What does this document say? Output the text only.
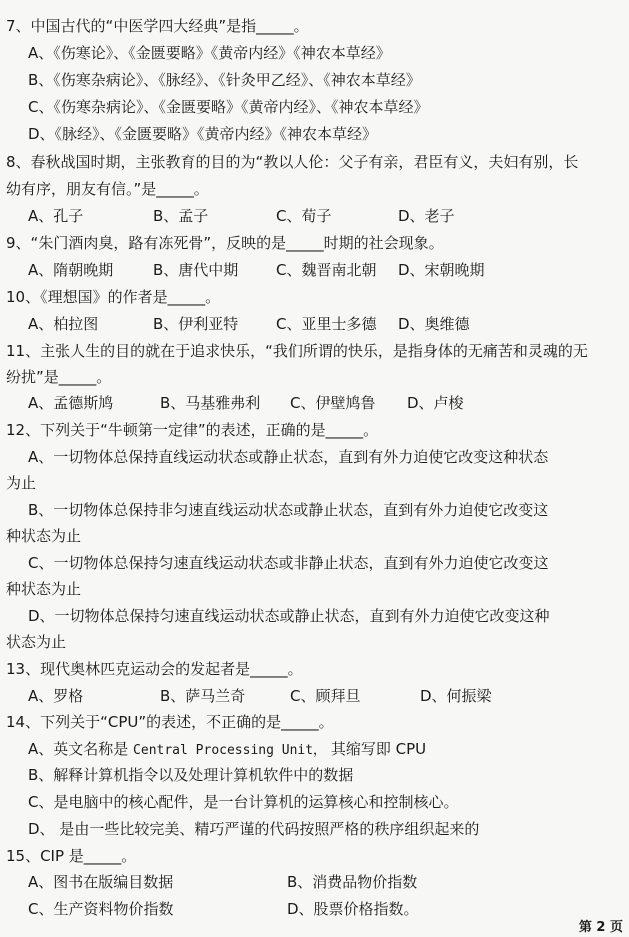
7、中国古代的“中医学四大经典”是指_____。
A、《伤寒论》、《金匮要略》《黄帝内经》《神农本草经》
B、《伤寒杂病论》、《脉经》、《针灸甲乙经》、《神农本草经》
C、《伤寒杂病论》、《金匮要略》《黄帝内经》、《神农本草经》
D、《脉经》、《金匮要略》《黄帝内经》《神农本草经》
8、春秋战国时期，主张教育的目的为“教以人伦：父子有亲，君臣有义，夫妇有别，长
幼有序，朋友有信。”是_____。
A、孔子	B、孟子	C、荀子	D、老子
9、“朱门酒肉臭，路有冻死骨”，反映的是_____时期的社会现象。
A、隋朝晚期	B、唐代中期	C、魏晋南北朝 D、宋朝晚期
10、《理想国》的作者是_____。
A、柏拉图	B、伊利亚特	C、亚里士多德 D、奥维德
11、主张人生的目的就在于追求快乐，“我们所谓的快乐，是指身体的无痛苦和灵魂的无
纷扰”是_____。
A、孟德斯鸠	B、马基雅弗利 C、伊壁鸠鲁 D、卢梭
12、下列关于“牛顿第一定律”的表述，正确的是_____。
A、一切物体总保持直线运动状态或静止状态，直到有外力迫使它改变这种状态
为止
B、一切物体总保持非匀速直线运动状态或静止状态，直到有外力迫使它改变这
种状态为止
C、一切物体总保持匀速直线运动状态或非静止状态，直到有外力迫使它改变这
种状态为止
D、一切物体总保持匀速直线运动状态或静止状态，直到有外力迫使它改变这种
状态为止
13、现代奥林匹克运动会的发起者是_____。
A、罗格	B、萨马兰奇	C、顾拜旦	D、何振梁
14、下列关于“CPU”的表述，不正确的是_____。
A、英文名称是 Central Processing Unit， 其缩写即 CPU
B、解释计算机指令以及处理计算机软件中的数据
C、是电脑中的核心配件，是一台计算机的运算核心和控制核心。
D、 是由一些比较完美、精巧严谨的代码按照严格的秩序组织起来的
15、CIP 是_____。
A、图书在版编目数据	B、消费品物价指数
C、生产资料物价指数	D、股票价格指数。
第 2 页
